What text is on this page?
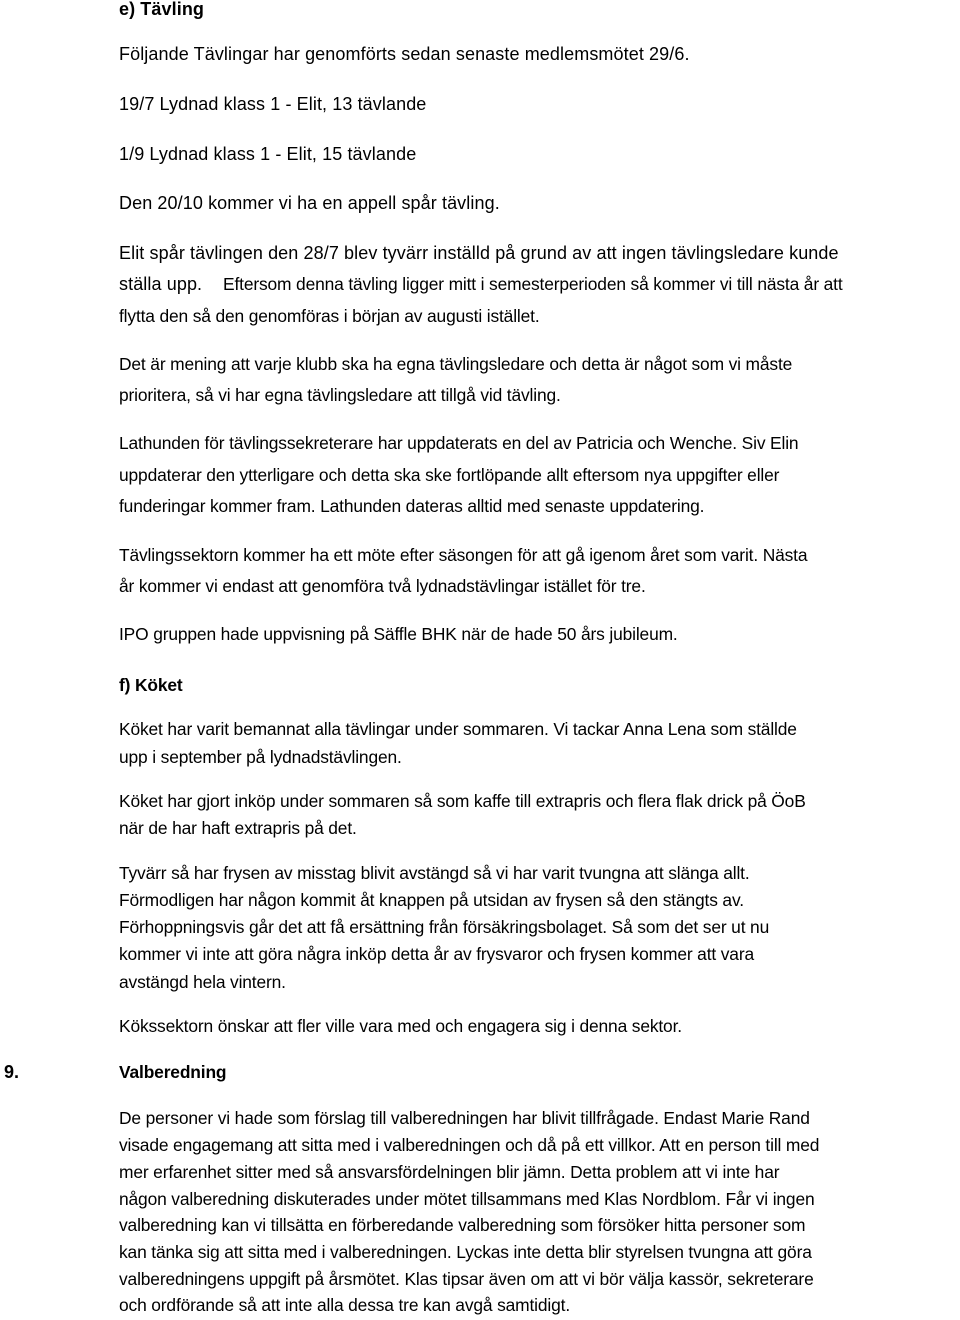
e) Tävling
Följande Tävlingar har genomförts sedan senaste medlemsmötet 29/6.
19/7 Lydnad klass 1 - Elit, 13 tävlande
1/9 Lydnad klass 1 - Elit, 15 tävlande
Den 20/10 kommer vi ha en appell spår tävling.
Elit spår tävlingen den 28/7 blev tyvärr inställd på grund av att ingen tävlingsledare kunde
ställa upp. Eftersom denna tävling ligger mitt i semesterperioden så kommer vi till nästa år att
flytta den så den genomföras i början av augusti istället.
Det är mening att varje klubb ska ha egna tävlingsledare och detta är något som vi måste
prioritera, så vi har egna tävlingsledare att tillgå vid tävling.
Lathunden för tävlingssekreterare har uppdaterats en del av Patricia och Wenche. Siv Elin
uppdaterar den ytterligare och detta ska ske fortlöpande allt eftersom nya uppgifter eller
funderingar kommer fram. Lathunden dateras alltid med senaste uppdatering.
Tävlingssektorn kommer ha ett möte efter säsongen för att gå igenom året som varit. Nästa
år kommer vi endast att genomföra två lydnadstävlingar istället för tre.
IPO gruppen hade uppvisning på Säffle BHK när de hade 50 års jubileum.
f) Köket
Köket har varit bemannat alla tävlingar under sommaren. Vi tackar Anna Lena som ställde
upp i september på lydnadstävlingen.
Köket har gjort inköp under sommaren så som kaffe till extrapris och flera flak drick på ÖoB
när de har haft extrapris på det.
Tyvärr så har frysen av misstag blivit avstängd så vi har varit tvungna att slänga allt.
Förmodligen har någon kommit åt knappen på utsidan av frysen så den stängts av.
Förhoppningsvis går det att få ersättning från försäkringsbolaget. Så som det ser ut nu
kommer vi inte att göra några inköp detta år av frysvaror och frysen kommer att vara
avstängd hela vintern.
Kökssektorn önskar att fler ville vara med och engagera sig i denna sektor.
9.	Valberedning
De personer vi hade som förslag till valberedningen har blivit tillfrågade. Endast Marie Rand
visade engagemang att sitta med i valberedningen och då på ett villkor. Att en person till med
mer erfarenhet sitter med så ansvarsfördelningen blir jämn. Detta problem att vi inte har
någon valberedning diskuterades under mötet tillsammans med Klas Nordblom. Får vi ingen
valberedning kan vi tillsätta en förberedande valberedning som försöker hitta personer som
kan tänka sig att sitta med i valberedningen. Lyckas inte detta blir styrelsen tvungna att göra
valberedningens uppgift på årsmötet. Klas tipsar även om att vi bör välja kassör, sekreterare
och ordförande så att inte alla dessa tre kan avgå samtidigt.
